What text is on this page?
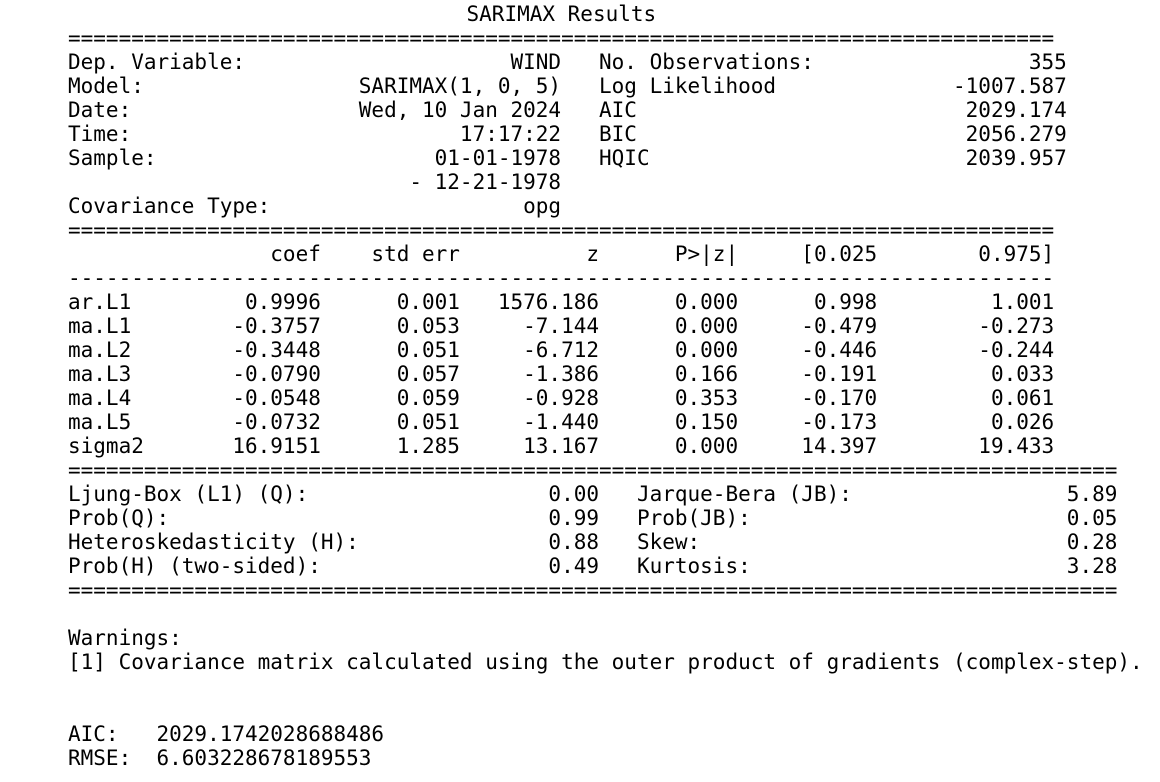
SARIMAX Results
==============================================================================
Dep. Variable:                     WIND   No. Observations:                 355
Model:                 SARIMAX(1, 0, 5)   Log Likelihood              -1007.587
Date:                  Wed, 10 Jan 2024   AIC                          2029.174
Time:                          17:17:22   BIC                          2056.279
Sample:                      01-01-1978   HQIC                         2039.957
- 12-21-1978
Covariance Type:                    opg
==============================================================================
coef    std err          z      P>|z|     [0.025        0.975]
------------------------------------------------------------------------------
ar.L1         0.9996      0.001   1576.186      0.000      0.998         1.001
ma.L1        -0.3757      0.053     -7.144      0.000     -0.479        -0.273
ma.L2        -0.3448      0.051     -6.712      0.000     -0.446        -0.244
ma.L3        -0.0790      0.057     -1.386      0.166     -0.191         0.033
ma.L4        -0.0548      0.059     -0.928      0.353     -0.170         0.061
ma.L5        -0.0732      0.051     -1.440      0.150     -0.173         0.026
sigma2       16.9151      1.285     13.167      0.000     14.397        19.433
===================================================================================
Ljung-Box (L1) (Q):                   0.00   Jarque-Bera (JB):                 5.89
Prob(Q):                              0.99   Prob(JB):                         0.05
Heteroskedasticity (H):               0.88   Skew:                             0.28
Prob(H) (two-sided):                  0.49   Kurtosis:                         3.28
===================================================================================
Warnings:
[1] Covariance matrix calculated using the outer product of gradients (complex-step).
AIC:   2029.1742028688486
RMSE:  6.603228678189553
